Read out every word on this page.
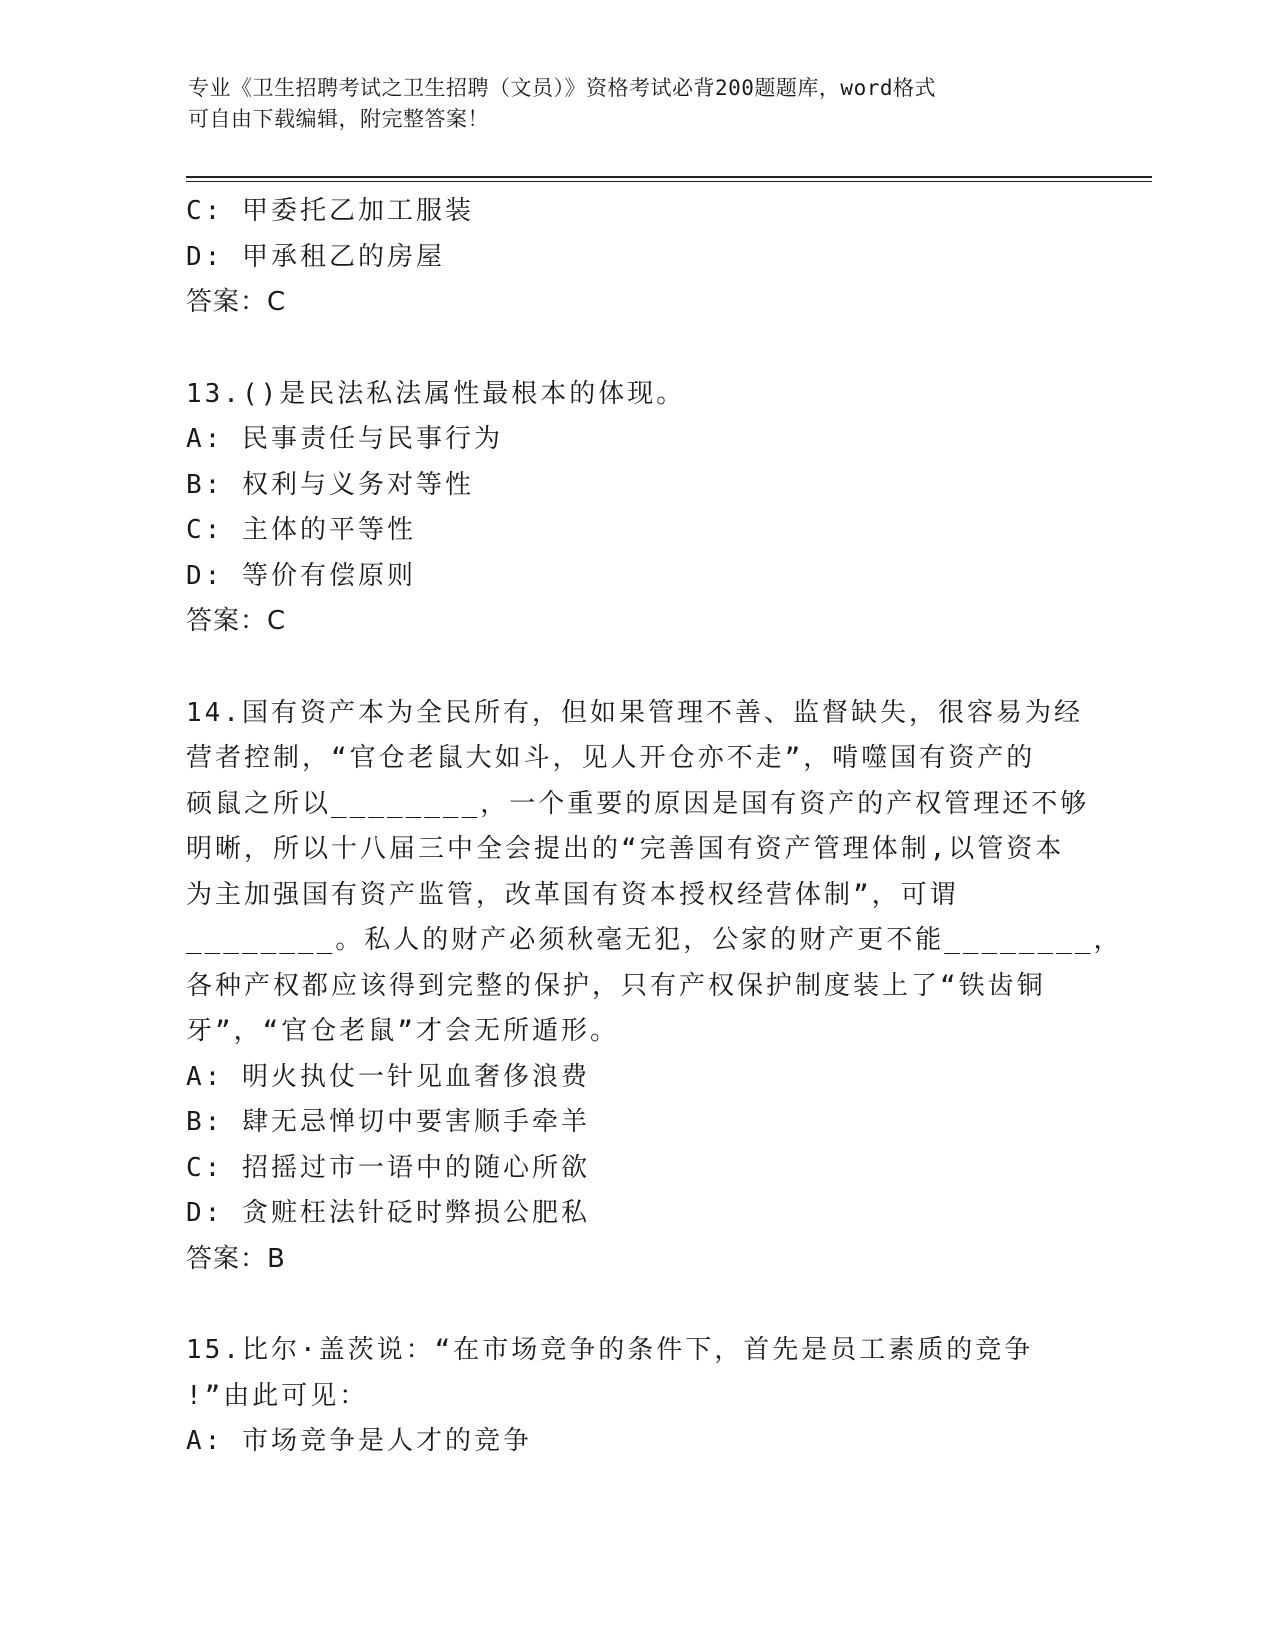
专业《卫生招聘考试之卫生招聘（文员）》资格考试必背200题题库，word格式
可自由下载编辑，附完整答案！
C: 甲委托乙加工服装
D: 甲承租乙的房屋
答案：C
13.()是民法私法属性最根本的体现。
A: 民事责任与民事行为
B: 权利与义务对等性
C: 主体的平等性
D: 等价有偿原则
答案：C
14.国有资产本为全民所有，但如果管理不善、监督缺失，很容易为经
营者控制，“官仓老鼠大如斗，见人开仓亦不走”，啃噬国有资产的
硕鼠之所以________，一个重要的原因是国有资产的产权管理还不够
明晰，所以十八届三中全会提出的“完善国有资产管理体制,以管资本
为主加强国有资产监管，改革国有资本授权经营体制”，可谓
________。私人的财产必须秋毫无犯，公家的财产更不能________，
各种产权都应该得到完整的保护，只有产权保护制度装上了“铁齿铜
牙”，“官仓老鼠”才会无所遁形。
A: 明火执仗一针见血奢侈浪费
B: 肆无忌惮切中要害顺手牵羊
C: 招摇过市一语中的随心所欲
D: 贪赃枉法针砭时弊损公肥私
答案：B
15.比尔·盖茨说：“在市场竞争的条件下，首先是员工素质的竞争
!”由此可见：
A: 市场竞争是人才的竞争
